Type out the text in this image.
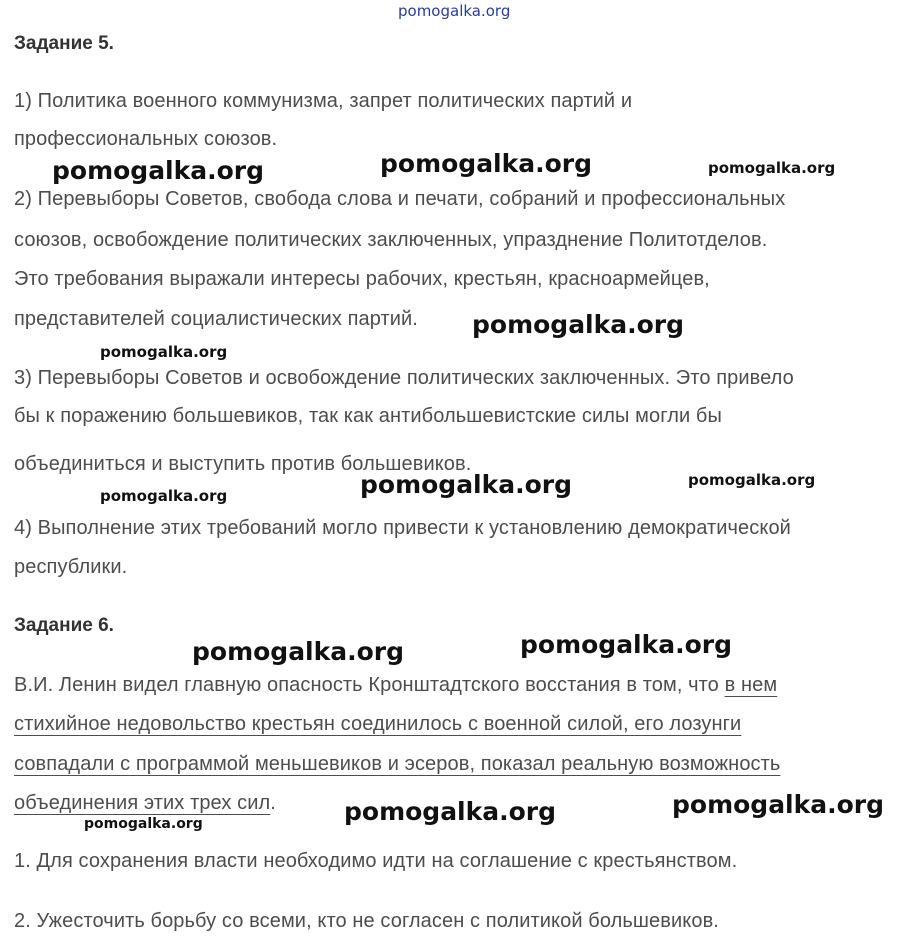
pomogalka.org
Задание 5.
1) Политика военного коммунизма, запрет политических партий и
профессиональных союзов.
2) Перевыборы Советов, свобода слова и печати, собраний и профессиональных
союзов, освобождение политических заключенных, упразднение Политотделов.
Это требования выражали интересы рабочих, крестьян, красноармейцев,
представителей социалистических партий.
3) Перевыборы Советов и освобождение политических заключенных. Это привело
бы к поражению большевиков, так как антибольшевистские силы могли бы
объединиться и выступить против большевиков.
4) Выполнение этих требований могло привести к установлению демократической
республики.
Задание 6.
В.И. Ленин видел главную опасность Кронштадтского восстания в том, что в нем
стихийное недовольство крестьян соединилось с военной силой, его лозунги
совпадали с программой меньшевиков и эсеров, показал реальную возможность
объединения этих трех сил.
1. Для сохранения власти необходимо идти на соглашение с крестьянством.
2. Ужесточить борьбу со всеми, кто не согласен с политикой большевиков.
pomogalka.org	pomogalka.org	pomogalka.org
pomogalka.org
pomogalka.org
pomogalka.org
pomogalka.org
pomogalka.org
pomogalka.org	pomogalka.org
pomogalka.org	pomogalka.org
pomogalka.org
